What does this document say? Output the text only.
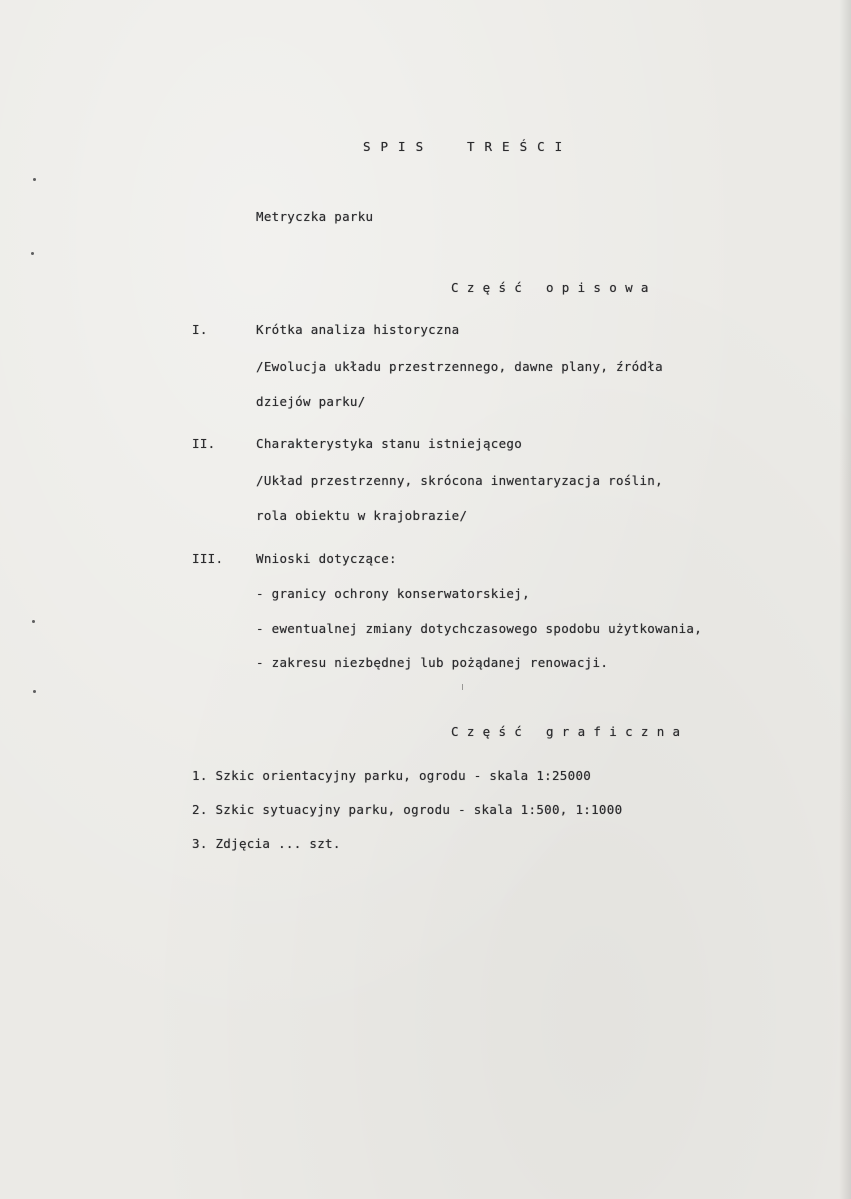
SPIS	TREŚCI
Metryczka parku
Część opisowa
I.	Krótka analiza historyczna
/Ewolucja układu przestrzennego, dawne plany, źródła
dziejów parku/
II.	Charakterystyka stanu istniejącego
/Układ przestrzenny, skrócona inwentaryzacja roślin,
rola obiektu w krajobrazie/
III.	Wnioski dotyczące:
- granicy ochrony konserwatorskiej,
- ewentualnej zmiany dotychczasowego spodobu użytkowania,
- zakresu niezbędnej lub pożądanej renowacji.
Część graficzna
1. Szkic orientacyjny parku, ogrodu - skala 1:25000
2. Szkic sytuacyjny parku, ogrodu - skala 1:500, 1:1000
3. Zdjęcia ... szt.
